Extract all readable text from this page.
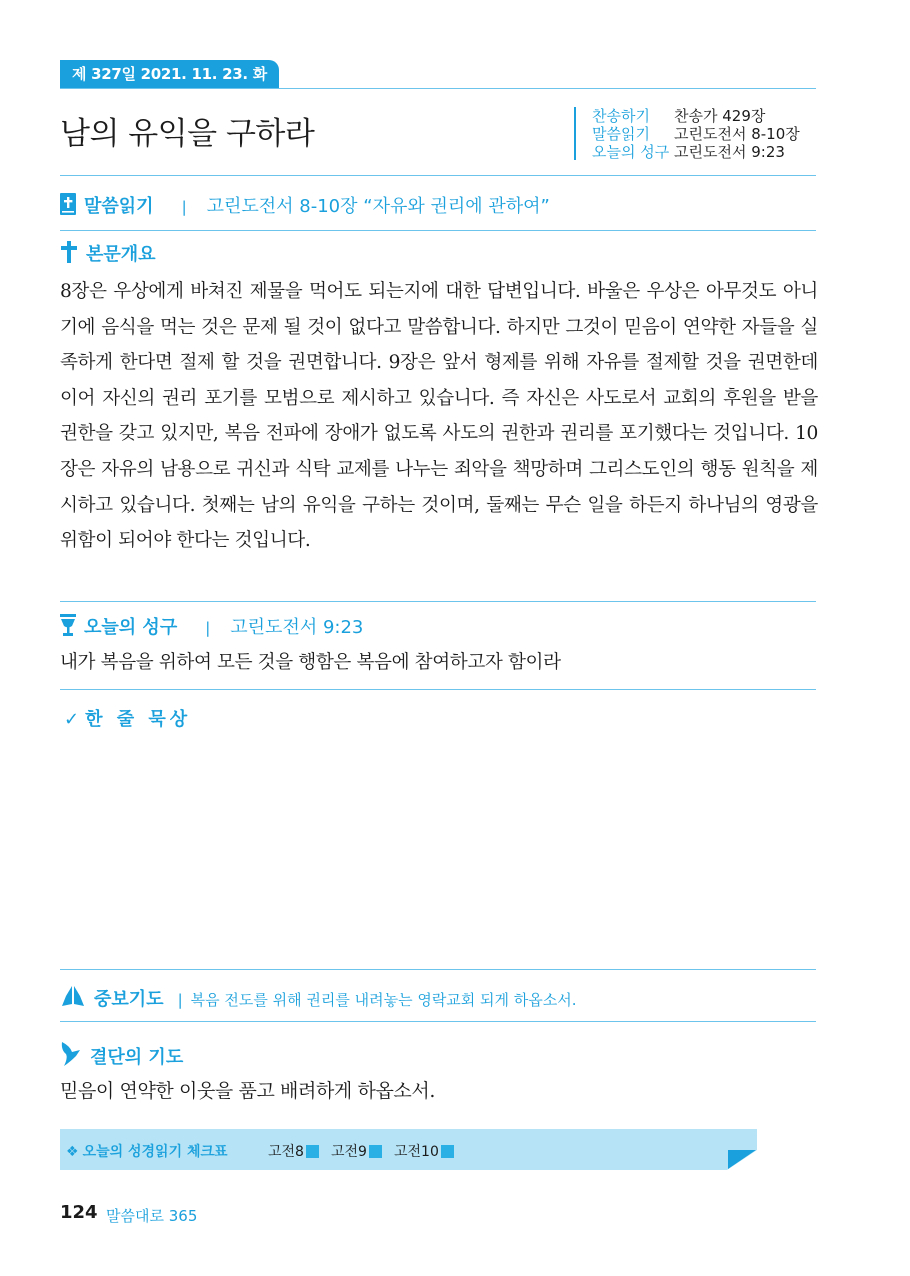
제 327일 2021. 11. 23. 화
남의 유익을 구하라	찬송하기 찬송가 429장
말씀읽기 고린도전서 8-10장
오늘의 성구 고린도전서 9:23
말씀읽기 | 고린도전서 8-10장 “자유와 권리에 관하여”
본문개요
8장은 우상에게 바쳐진 제물을 먹어도 되는지에 대한 답변입니다. 바울은 우상은 아무것도 아니기에 음식을 먹는 것은 문제 될 것이 없다고 말씀합니다. 하지만 그것이 믿음이 연약한 자들을 실족하게 한다면 절제 할 것을 권면합니다. 9장은 앞서 형제를 위해 자유를 절제할 것을 권면한데 이어 자신의 권리 포기를 모범으로 제시하고 있습니다. 즉 자신은 사도로서 교회의 후원을 받을 권한을 갖고 있지만, 복음 전파에 장애가 없도록 사도의 권한과 권리를 포기했다는 것입니다. 10장은 자유의 남용으로 귀신과 식탁 교제를 나누는 죄악을 책망하며 그리스도인의 행동 원칙을 제시하고 있습니다. 첫째는 남의 유익을 구하는 것이며, 둘째는 무슨 일을 하든지 하나님의 영광을 위함이 되어야 한다는 것입니다.
오늘의 성구 | 고린도전서 9:23
내가 복음을 위하여 모든 것을 행함은 복음에 참여하고자 함이라
✓ 한 줄 묵상
중보기도 | 복음 전도를 위해 권리를 내려놓는 영락교회 되게 하옵소서.
결단의 기도
믿음이 연약한 이웃을 품고 배려하게 하옵소서.
❖ 오늘의 성경읽기 체크표	고전8	고전9	고전10
124 말씀대로 365
